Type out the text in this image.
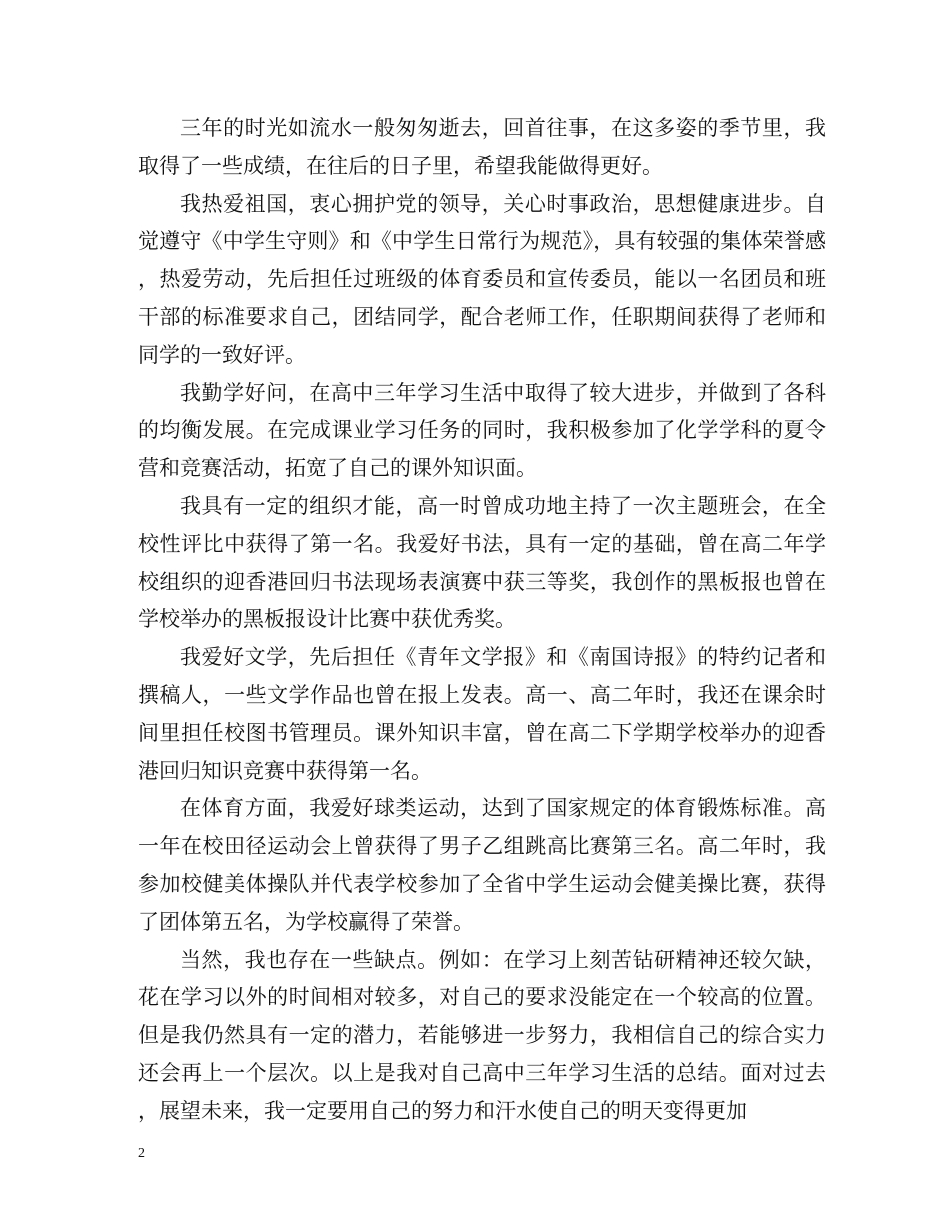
三年的时光如流水一般匆匆逝去，回首往事，在这多姿的季节里，我取得了一些成绩，在往后的日子里，希望我能做得更好。

我热爱祖国，衷心拥护党的领导，关心时事政治，思想健康进步。自觉遵守《中学生守则》和《中学生日常行为规范》，具有较强的集体荣誉感，热爱劳动，先后担任过班级的体育委员和宣传委员，能以一名团员和班干部的标准要求自己，团结同学，配合老师工作，任职期间获得了老师和同学的一致好评。

我勤学好问，在高中三年学习生活中取得了较大进步，并做到了各科的均衡发展。在完成课业学习任务的同时，我积极参加了化学学科的夏令营和竞赛活动，拓宽了自己的课外知识面。

我具有一定的组织才能，高一时曾成功地主持了一次主题班会，在全校性评比中获得了第一名。我爱好书法，具有一定的基础，曾在高二年学校组织的迎香港回归书法现场表演赛中获三等奖，我创作的黑板报也曾在学校举办的黑板报设计比赛中获优秀奖。

我爱好文学，先后担任《青年文学报》和《南国诗报》的特约记者和撰稿人，一些文学作品也曾在报上发表。高一、高二年时，我还在课余时间里担任校图书管理员。课外知识丰富，曾在高二下学期学校举办的迎香港回归知识竞赛中获得第一名。

在体育方面，我爱好球类运动，达到了国家规定的体育锻炼标准。高一年在校田径运动会上曾获得了男子乙组跳高比赛第三名。高二年时，我参加校健美体操队并代表学校参加了全省中学生运动会健美操比赛，获得了团体第五名，为学校赢得了荣誉。

当然，我也存在一些缺点。例如：在学习上刻苦钻研精神还较欠缺，花在学习以外的时间相对较多，对自己的要求没能定在一个较高的位置。但是我仍然具有一定的潜力，若能够进一步努力，我相信自己的综合实力还会再上一个层次。以上是我对自己高中三年学习生活的总结。面对过去，展望未来，我一定要用自己的努力和汗水使自己的明天变得更加

2
